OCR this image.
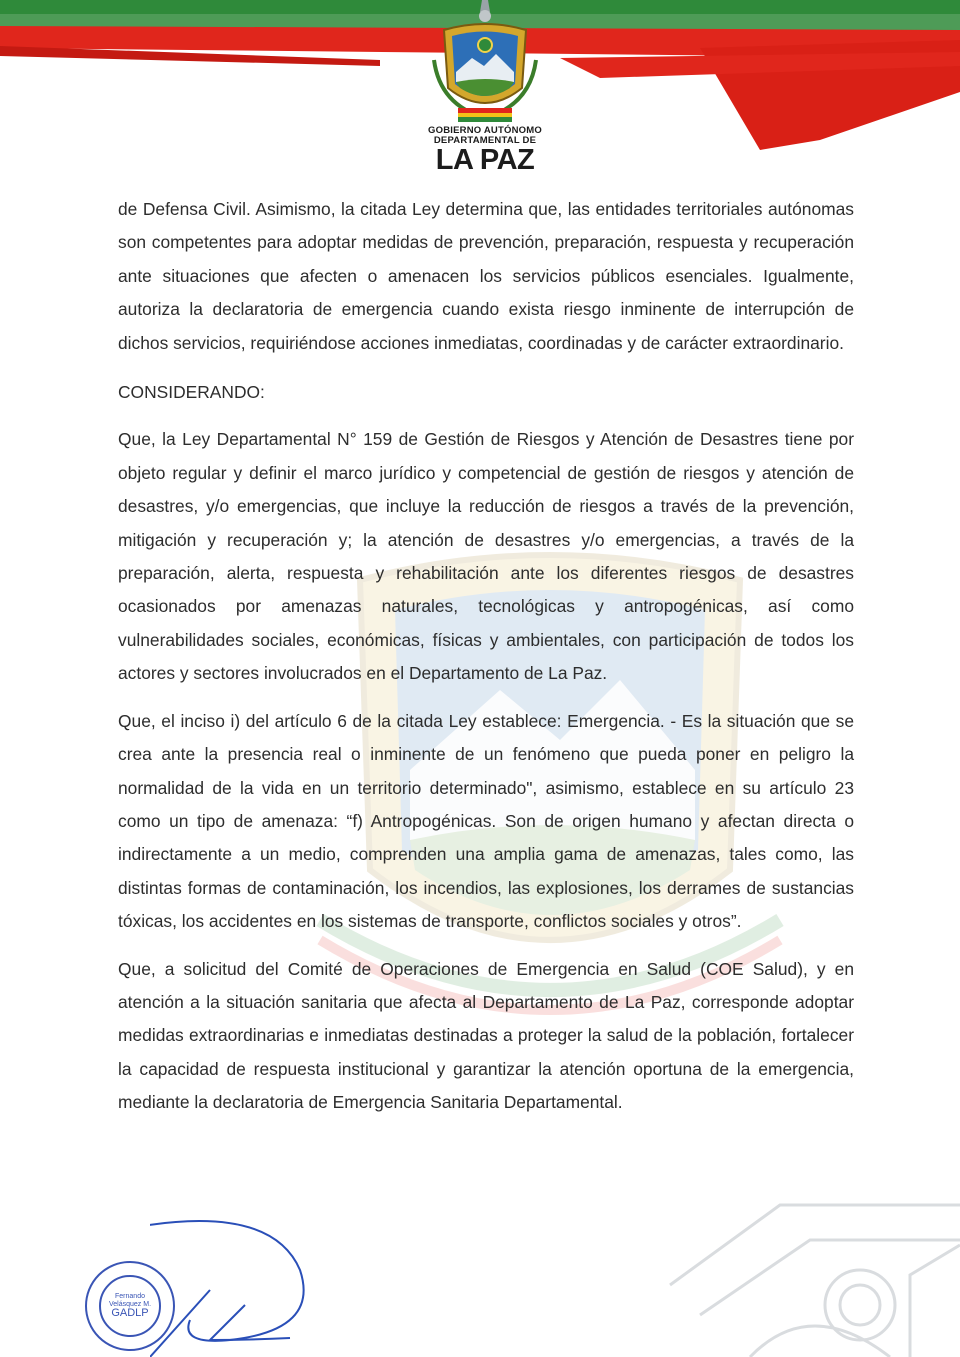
GOBIERNO AUTÓNOMO
DEPARTAMENTAL DE
LA PAZ

de Defensa Civil. Asimismo, la citada Ley determina que, las entidades territoriales autónomas son competentes para adoptar medidas de prevención, preparación, respuesta y recuperación ante situaciones que afecten o amenacen los servicios públicos esenciales. Igualmente, autoriza la declaratoria de emergencia cuando exista riesgo inminente de interrupción de dichos servicios, requiriéndose acciones inmediatas, coordinadas y de carácter extraordinario.

CONSIDERANDO:

Que, la Ley Departamental N° 159 de Gestión de Riesgos y Atención de Desastres tiene por objeto regular y definir el marco jurídico y competencial de gestión de riesgos y atención de desastres, y/o emergencias, que incluye la reducción de riesgos a través de la prevención, mitigación y recuperación y; la atención de desastres y/o emergencias, a través de la preparación, alerta, respuesta y rehabilitación ante los diferentes riesgos de desastres ocasionados por amenazas naturales, tecnológicas y antropogénicas, así como vulnerabilidades sociales, económicas, físicas y ambientales, con participación de todos los actores y sectores involucrados en el Departamento de La Paz.

Que, el inciso i) del artículo 6 de la citada Ley establece: Emergencia. - Es la situación que se crea ante la presencia real o inminente de un fenómeno que pueda poner en peligro la normalidad de la vida en un territorio determinado", asimismo, establece en su artículo 23 como un tipo de amenaza: “f) Antropogénicas. Son de origen humano y afectan directa o indirectamente a un medio, comprenden una amplia gama de amenazas, tales como, las distintas formas de contaminación, los incendios, las explosiones, los derrames de sustancias tóxicas, los accidentes en los sistemas de transporte, conflictos sociales y otros”.

Que, a solicitud del Comité de Operaciones de Emergencia en Salud (COE Salud), y en atención a la situación sanitaria que afecta al Departamento de La Paz, corresponde adoptar medidas extraordinarias e inmediatas destinadas a proteger la salud de la población, fortalecer la capacidad de respuesta institucional y garantizar la atención oportuna de la emergencia, mediante la declaratoria de Emergencia Sanitaria Departamental.

GADLP
Fernando
Velásquez M.
